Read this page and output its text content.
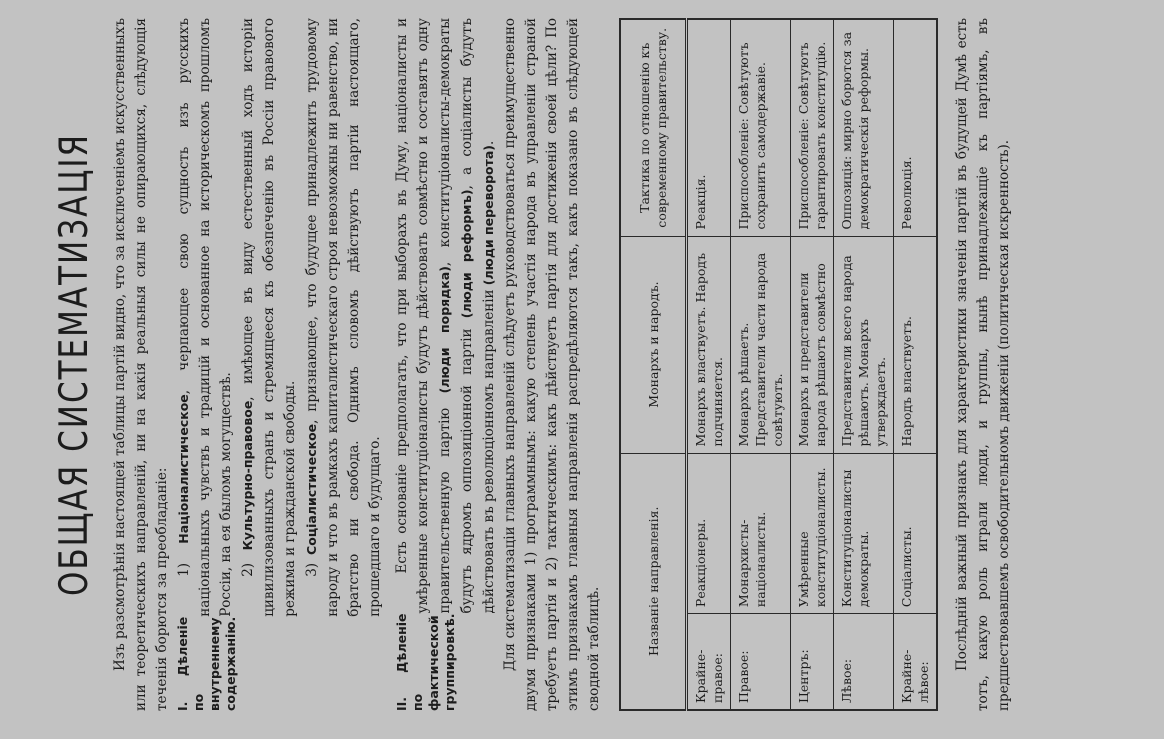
ОБЩАЯ СИСТЕМАТИЗАЦІЯ Изъ разсмотрѣнія настоящей таблицы партій видно, что за исключеніемъ искусственныхъ или теоретическихъ направленій, ни на какія реальныя силы не опирающихся, слѣдующія теченія борются за преобладаніе: I. Дѣленіе по внутреннему содержанію.

1) Націоналистическое, черпающее свою сущность изъ русскихъ національныхъ чувствъ и традицій и основанное на историческомъ прошломъ Россіи, на ея быломъ могуществѣ. 2) Культурно-правовое, имѣющее въ виду естественный ходъ исторіи цивилизованныхъ странъ и стремящееся къ обезпеченію въ Россіи правового режима и гражданской свободы. 3) Соціалистическое, признающее, что будущее принадлежитъ трудовому народу и что въ рамкахъ капиталистическаго строя невозможны ни равенство, ни братство ни свобода. Однимъ словомъ дѣйствуютъ партіи настоящаго, прошедшаго и будущаго.

II. Дѣленіе по фактической группировкѣ.

Есть основаніе предполагать, что при выборахъ въ Думу, націоналисты и умѣренные конституціоналисты будутъ дѣйствовать совмѣстно и составятъ одну правительственную партію (люди порядка), конституціоналисты-демократы будутъ ядромъ оппозиціонной партіи (люди реформъ), а соціалисты будутъ дѣйствовать въ революціонномъ направленіи (люди переворота). Для систематизаціи главныхъ направленій слѣдуетъ руководствоваться преимущественно двумя признаками 1) программнымъ: какую степень участія народа въ управленіи страной требуетъ партія и 2) тактическимъ: какъ дѣйствуетъ партія для достиженія своей цѣли? По этимъ признакамъ главныя направленія распредѣляются такъ, какъ показано въ слѣдующей сводной таблицѣ.	Названіе направленія.		Монархъ и народъ.	Тактика по отношенію къ современному правительству.
Крайне-правое:	Реакціонеры.	Монархъ властвуетъ. Народъ подчиняется.	Реакція.
Правое:	Монархисты-націоналисты.	Монархъ рѣшаетъ. Представители части народа совѣтуютъ.	Приспособленіе: Совѣтуютъ сохранить самодержавіе.
Центръ:	Умѣренные конституціоналисты.	Монархъ и представители народа рѣшаютъ совмѣстно	Приспособленіе: Совѣтуютъ гарантировать конституцію.
Лѣвое:	Конституціоналисты демократы.	Представители всего народа рѣшаютъ. Монархъ утверждаетъ.	Оппозиція: мирно борются за демократическія реформы.
Крайне-лѣвое:	Соціалисты.	Народъ властвуетъ.	Революція.	Послѣдній важный признакъ для характеристики значенія партій въ будущей Думѣ есть тотъ, какую роль играли люди, и группы, нынѣ принадлежащіе къ партіямъ, въ предшествовавшемъ освободительномъ движеніи (политическая искренность).
